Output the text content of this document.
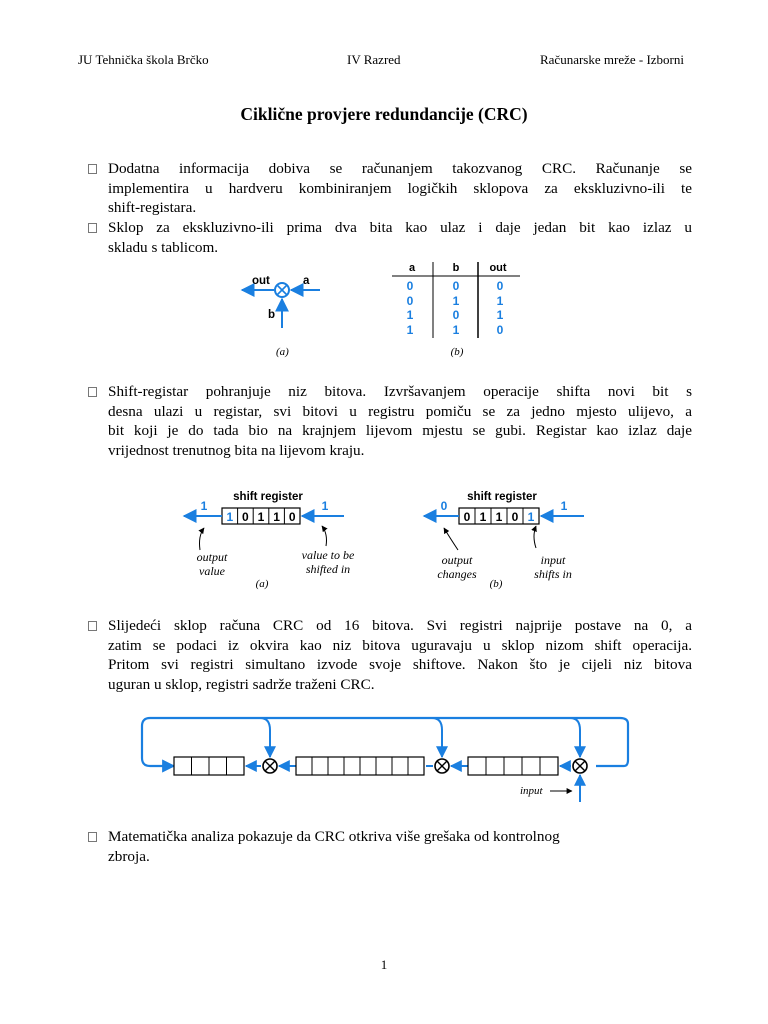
JU Tehnička škola Brčko	IV Razred	Računarske mreže - Izborni
Ciklične provjere redundancije (CRC)
Dodatna informacija dobiva se računanjem takozvanog CRC. Računanje se
implementira u hardveru kombiniranjem logičkih sklopova za ekskluzivno-ili te
shift-registara.
Sklop za ekskluzivno-ili prima dva bita kao ulaz i daje jedan bit kao izlaz u
skladu s tablicom.
out	a
b
(a)
a	b	out
0	0	0
0	1	1
1	0	1
1	1	0
(b)
Shift-registar pohranjuje niz bitova. Izvršavanjem operacije shifta novi bit s
desna ulazi u registar, svi bitovi u registru pomiču se za jedno mjesto ulijevo, a
bit koji je do tada bio na krajnjem lijevom mjestu se gubi. Registar kao izlaz daje
vrijednost trenutnog bita na lijevom kraju.
shift register
1 0 1 1 0
1	1
output
value
value to be
shifted in
(a)
shift register
0 1 1 0 1
0	1
output
changes
input
shifts in
(b)
Slijedeći sklop računa CRC od 16 bitova. Svi registri najprije postave na 0, a
zatim se podaci iz okvira kao niz bitova uguravaju u sklop nizom shift operacija.
Pritom svi registri simultano izvode svoje shiftove. Nakon što je cijeli niz bitova
uguran u sklop, registri sadrže traženi CRC.
input
Matematička analiza pokazuje da CRC otkriva više grešaka od kontrolnog
zbroja.
1
